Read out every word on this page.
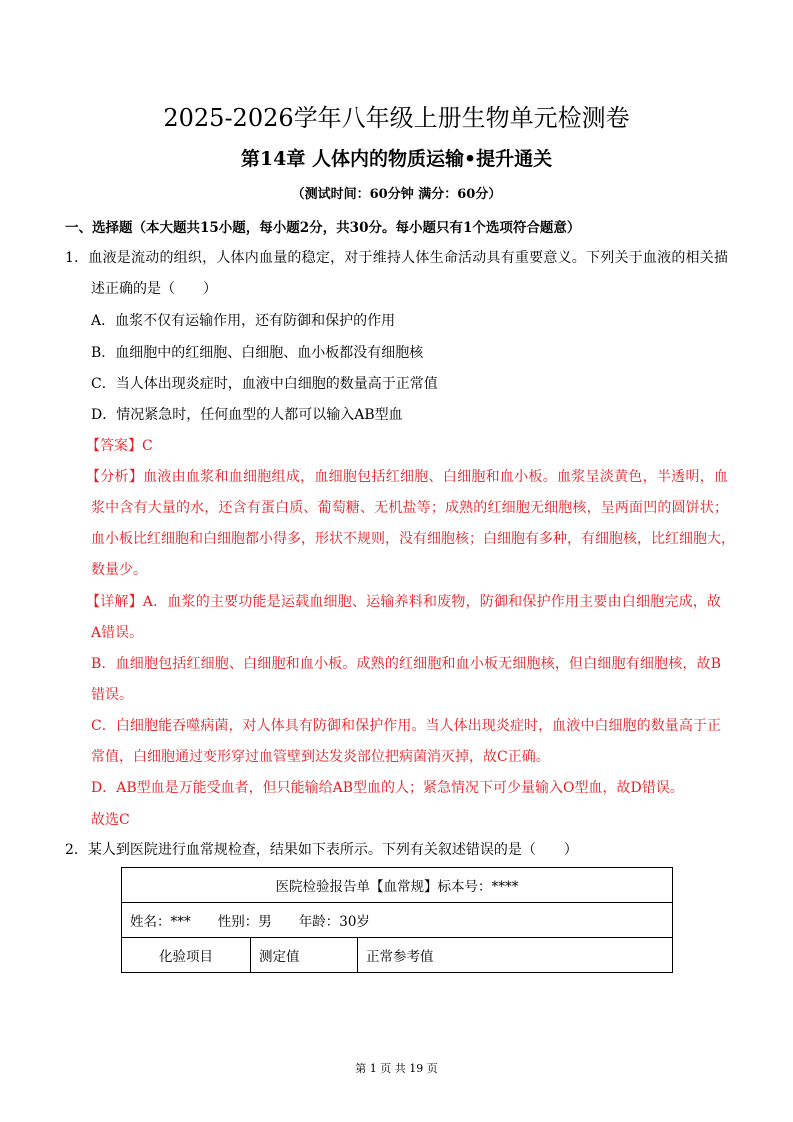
2025-2026学年八年级上册生物单元检测卷
第14章 人体内的物质运输•提升通关
（测试时间：60分钟 满分：60分）
一、选择题（本大题共15小题，每小题2分，共30分。每小题只有1个选项符合题意）
1．血液是流动的组织，人体内血量的稳定，对于维持人体生命活动具有重要意义。下列关于血液的相关描
述正确的是（　　）
A．血浆不仅有运输作用，还有防御和保护的作用
B．血细胞中的红细胞、白细胞、血小板都没有细胞核
C．当人体出现炎症时，血液中白细胞的数量高于正常值
D．情况紧急时，任何血型的人都可以输入AB型血
【答案】C
【分析】血液由血浆和血细胞组成，血细胞包括红细胞、白细胞和血小板。血浆呈淡黄色，半透明，血
浆中含有大量的水，还含有蛋白质、葡萄糖、无机盐等；成熟的红细胞无细胞核，呈两面凹的圆饼状；
血小板比红细胞和白细胞都小得多，形状不规则，没有细胞核；白细胞有多种，有细胞核，比红细胞大，
数量少。
【详解】A．血浆的主要功能是运载血细胞、运输养料和废物，防御和保护作用主要由白细胞完成，故
A错误。
B．血细胞包括红细胞、白细胞和血小板。成熟的红细胞和血小板无细胞核，但白细胞有细胞核，故B
错误。
C．白细胞能吞噬病菌，对人体具有防御和保护作用。当人体出现炎症时，血液中白细胞的数量高于正
常值，白细胞通过变形穿过血管壁到达发炎部位把病菌消灭掉，故C正确。
D．AB型血是万能受血者，但只能输给AB型血的人；紧急情况下可少量输入O型血，故D错误。
故选C
2．某人到医院进行血常规检查，结果如下表所示。下列有关叙述错误的是（　　）
医院检验报告单【血常规】标本号：****
姓名：***　　性别：男　　年龄：30岁
化验项目	测定值	正常参考值
第 1 页 共 19 页
